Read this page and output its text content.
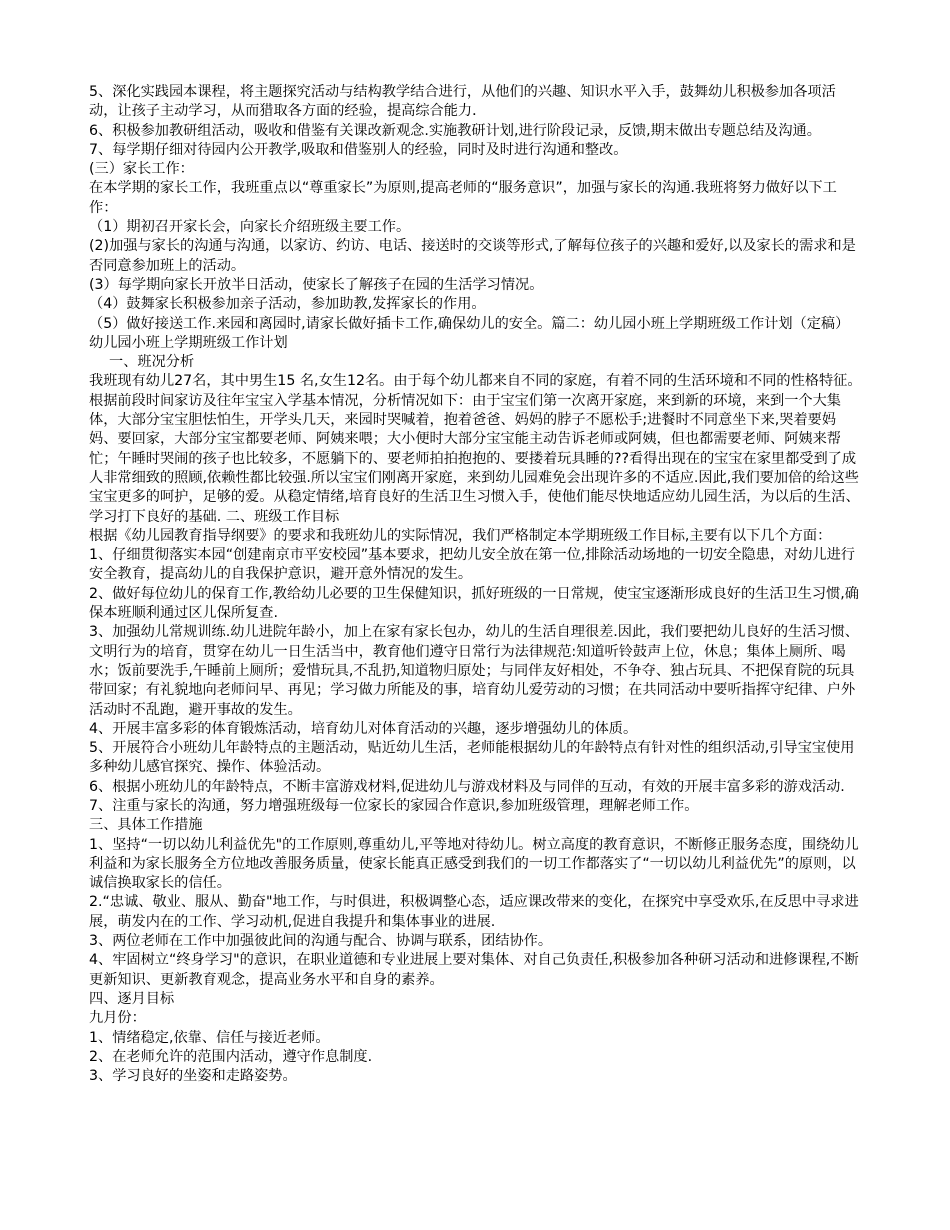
5、深化实践园本课程，将主题探究活动与结构教学结合进行，从他们的兴趣、知识水平入手，鼓舞幼儿积极参加各项活动，让孩子主动学习，从而猎取各方面的经验，提高综合能力．

6、积极参加教研组活动，吸收和借鉴有关课改新观念.实施教研计划,进行阶段记录，反馈,期末做出专题总结及沟通。

7、每学期仔细对待园内公开教学,吸取和借鉴别人的经验，同时及时进行沟通和整改。

(三）家长工作：

在本学期的家长工作，我班重点以“尊重家长”为原则,提高老师的“服务意识”，加强与家长的沟通.我班将努力做好以下工作：

（1）期初召开家长会，向家长介绍班级主要工作。

(2)加强与家长的沟通与沟通，以家访、约访、电话、接送时的交谈等形式,了解每位孩子的兴趣和爱好,以及家长的需求和是否同意参加班上的活动。

(3）每学期向家长开放半日活动，使家长了解孩子在园的生活学习情况。

（4）鼓舞家长积极参加亲子活动，参加助教,发挥家长的作用。

（5）做好接送工作.来园和离园时,请家长做好插卡工作,确保幼儿的安全。篇二：幼儿园小班上学期班级工作计划（定稿）

幼儿园小班上学期班级工作计划

一、班况分析

我班现有幼儿27名，其中男生15 名,女生12名。由于每个幼儿都来自不同的家庭，有着不同的生活环境和不同的性格特征。根据前段时间家访及往年宝宝入学基本情况，分析情况如下：由于宝宝们第一次离开家庭，来到新的环境，来到一个大集体，大部分宝宝胆怯怕生，开学头几天，来园时哭喊着，抱着爸爸、妈妈的脖子不愿松手;进餐时不同意坐下来,哭着要妈妈、要回家，大部分宝宝都要老师、阿姨来喂；大小便时大部分宝宝能主动告诉老师或阿姨，但也都需要老师、阿姨来帮忙；午睡时哭闹的孩子也比较多，不愿躺下的、要老师拍拍抱抱的、要搂着玩具睡的??看得出现在的宝宝在家里都受到了成人非常细致的照顾,依赖性都比较强.所以宝宝们刚离开家庭，来到幼儿园难免会出现许多的不适应.因此,我们要加倍的给这些宝宝更多的呵护，足够的爱。从稳定情绪,培育良好的生活卫生习惯入手，使他们能尽快地适应幼儿园生活，为以后的生活、学习打下良好的基础. 二、班级工作目标

根据《幼儿园教育指导纲要》的要求和我班幼儿的实际情况，我们严格制定本学期班级工作目标,主要有以下几个方面：

1、仔细贯彻落实本园“创建南京市平安校园”基本要求，把幼儿安全放在第一位,排除活动场地的一切安全隐患，对幼儿进行安全教育，提高幼儿的自我保护意识，避开意外情况的发生。

2、做好每位幼儿的保育工作,教给幼儿必要的卫生保健知识，抓好班级的一日常规，使宝宝逐渐形成良好的生活卫生习惯,确保本班顺利通过区儿保所复查.

3、加强幼儿常规训练.幼儿进院年龄小，加上在家有家长包办，幼儿的生活自理很差.因此，我们要把幼儿良好的生活习惯、文明行为的培育，贯穿在幼儿一日生活当中，教育他们遵守日常行为法律规范:知道听铃鼓声上位，休息；集体上厕所、喝水；饭前要洗手,午睡前上厕所；爱惜玩具,不乱扔,知道物归原处；与同伴友好相处，不争夺、独占玩具、不把保育院的玩具带回家；有礼貌地向老师问早、再见；学习做力所能及的事，培育幼儿爱劳动的习惯；在共同活动中要听指挥守纪律、户外活动时不乱跑，避开事故的发生。

4、开展丰富多彩的体育锻炼活动，培育幼儿对体育活动的兴趣，逐步增强幼儿的体质。

5、开展符合小班幼儿年龄特点的主题活动，贴近幼儿生活，老师能根据幼儿的年龄特点有针对性的组织活动,引导宝宝使用多种幼儿感官探究、操作、体验活动。

6、根据小班幼儿的年龄特点，不断丰富游戏材料,促进幼儿与游戏材料及与同伴的互动，有效的开展丰富多彩的游戏活动.

7、注重与家长的沟通，努力增强班级每一位家长的家园合作意识,参加班级管理，理解老师工作。

三、具体工作措施

1、坚持“一切以幼儿利益优先"的工作原则,尊重幼儿,平等地对待幼儿。树立高度的教育意识，不断修正服务态度，围绕幼儿利益和为家长服务全方位地改善服务质量，使家长能真正感受到我们的一切工作都落实了“一切以幼儿利益优先”的原则，以诚信换取家长的信任。

2.“忠诚、敬业、服从、勤奋"地工作，与时俱进，积极调整心态，适应课改带来的变化，在探究中享受欢乐,在反思中寻求进展，萌发内在的工作、学习动机,促进自我提升和集体事业的进展.

3、两位老师在工作中加强彼此间的沟通与配合、协调与联系，团结协作。

4、牢固树立“终身学习"的意识，在职业道德和专业进展上要对集体、对自己负责任,积极参加各种研习活动和进修课程,不断更新知识、更新教育观念，提高业务水平和自身的素养。

四、逐月目标

九月份：

1、情绪稳定,依靠、信任与接近老师。

2、在老师允许的范围内活动，遵守作息制度.

3、学习良好的坐姿和走路姿势。
